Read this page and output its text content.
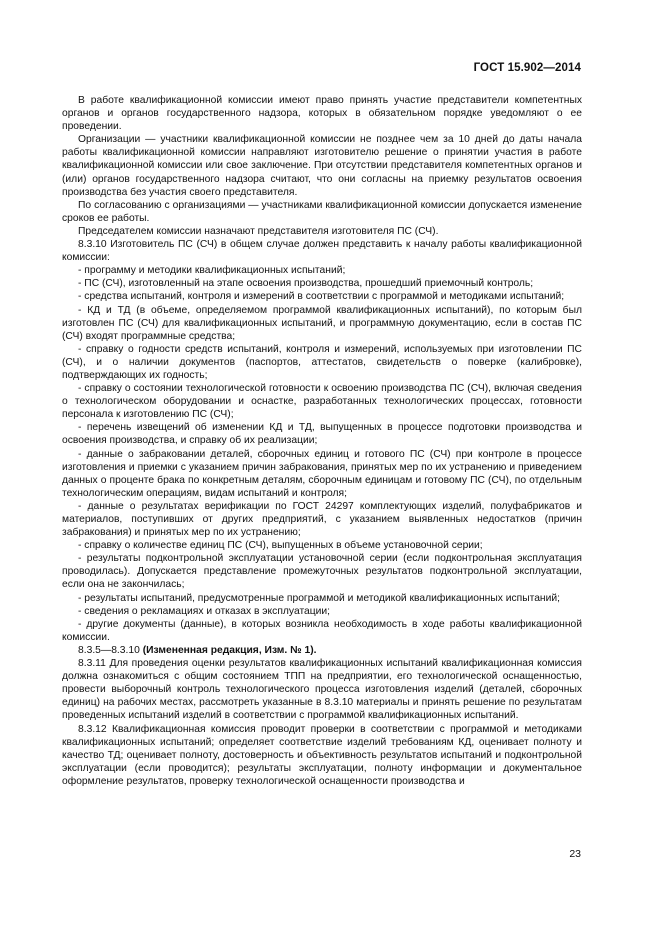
ГОСТ 15.902—2014

В работе квалификационной комиссии имеют право принять участие представители компетентных органов и органов государственного надзора, которых в обязательном порядке уведомляют о ее проведении.

Организации — участники квалификационной комиссии не позднее чем за 10 дней до даты начала работы квалификационной комиссии направляют изготовителю решение о принятии участия в работе квалификационной комиссии или свое заключение. При отсутствии представителя компетентных органов и (или) органов государственного надзора считают, что они согласны на приемку результатов освоения производства без участия своего представителя.

По согласованию с организациями — участниками квалификационной комиссии допускается изменение сроков ее работы.

Председателем комиссии назначают представителя изготовителя ПС (СЧ).

8.3.10 Изготовитель ПС (СЧ) в общем случае должен представить к началу работы квалификационной комиссии:

- программу и методики квалификационных испытаний;

- ПС (СЧ), изготовленный на этапе освоения производства, прошедший приемочный контроль;

- средства испытаний, контроля и измерений в соответствии с программой и методиками испытаний;

- КД и ТД (в объеме, определяемом программой квалификационных испытаний), по которым был изготовлен ПС (СЧ) для квалификационных испытаний, и программную документацию, если в состав ПС (СЧ) входят программные средства;

- справку о годности средств испытаний, контроля и измерений, используемых при изготовлении ПС (СЧ), и о наличии документов (паспортов, аттестатов, свидетельств о поверке (калибровке), подтверждающих их годность;

- справку о состоянии технологической готовности к освоению производства ПС (СЧ), включая сведения о технологическом оборудовании и оснастке, разработанных технологических процессах, готовности персонала к изготовлению ПС (СЧ);

- перечень извещений об изменении КД и ТД, выпущенных в процессе подготовки производства и освоения производства, и справку об их реализации;

- данные о забраковании деталей, сборочных единиц и готового ПС (СЧ) при контроле в процессе изготовления и приемки с указанием причин забракования, принятых мер по их устранению и приведением данных о проценте брака по конкретным деталям, сборочным единицам и готовому ПС (СЧ), по отдельным технологическим операциям, видам испытаний и контроля;

- данные о результатах верификации по ГОСТ 24297 комплектующих изделий, полуфабрикатов и материалов, поступивших от других предприятий, с указанием выявленных недостатков (причин забракования) и принятых мер по их устранению;

- справку о количестве единиц ПС (СЧ), выпущенных в объеме установочной серии;

- результаты подконтрольной эксплуатации установочной серии (если подконтрольная эксплуатация проводилась). Допускается представление промежуточных результатов подконтрольной эксплуатации, если она не закончилась;

- результаты испытаний, предусмотренные программой и методикой квалификационных испытаний;

- сведения о рекламациях и отказах в эксплуатации;

- другие документы (данные), в которых возникла необходимость в ходе работы квалификационной комиссии.

8.3.5—8.3.10 (Измененная редакция, Изм. № 1).

8.3.11 Для проведения оценки результатов квалификационных испытаний квалификационная комиссия должна ознакомиться с общим состоянием ТПП на предприятии, его технологической оснащенностью, провести выборочный контроль технологического процесса изготовления изделий (деталей, сборочных единиц) на рабочих местах, рассмотреть указанные в 8.3.10 материалы и принять решение по результатам проведенных испытаний изделий в соответствии с программой квалификационных испытаний.

8.3.12 Квалификационная комиссия проводит проверки в соответствии с программой и методиками квалификационных испытаний; определяет соответствие изделий требованиям КД, оценивает полноту и качество ТД; оценивает полноту, достоверность и объективность результатов испытаний и подконтрольной эксплуатации (если проводится); результаты эксплуатации, полноту информации и документальное оформление результатов, проверку технологической оснащенности производства и

23
